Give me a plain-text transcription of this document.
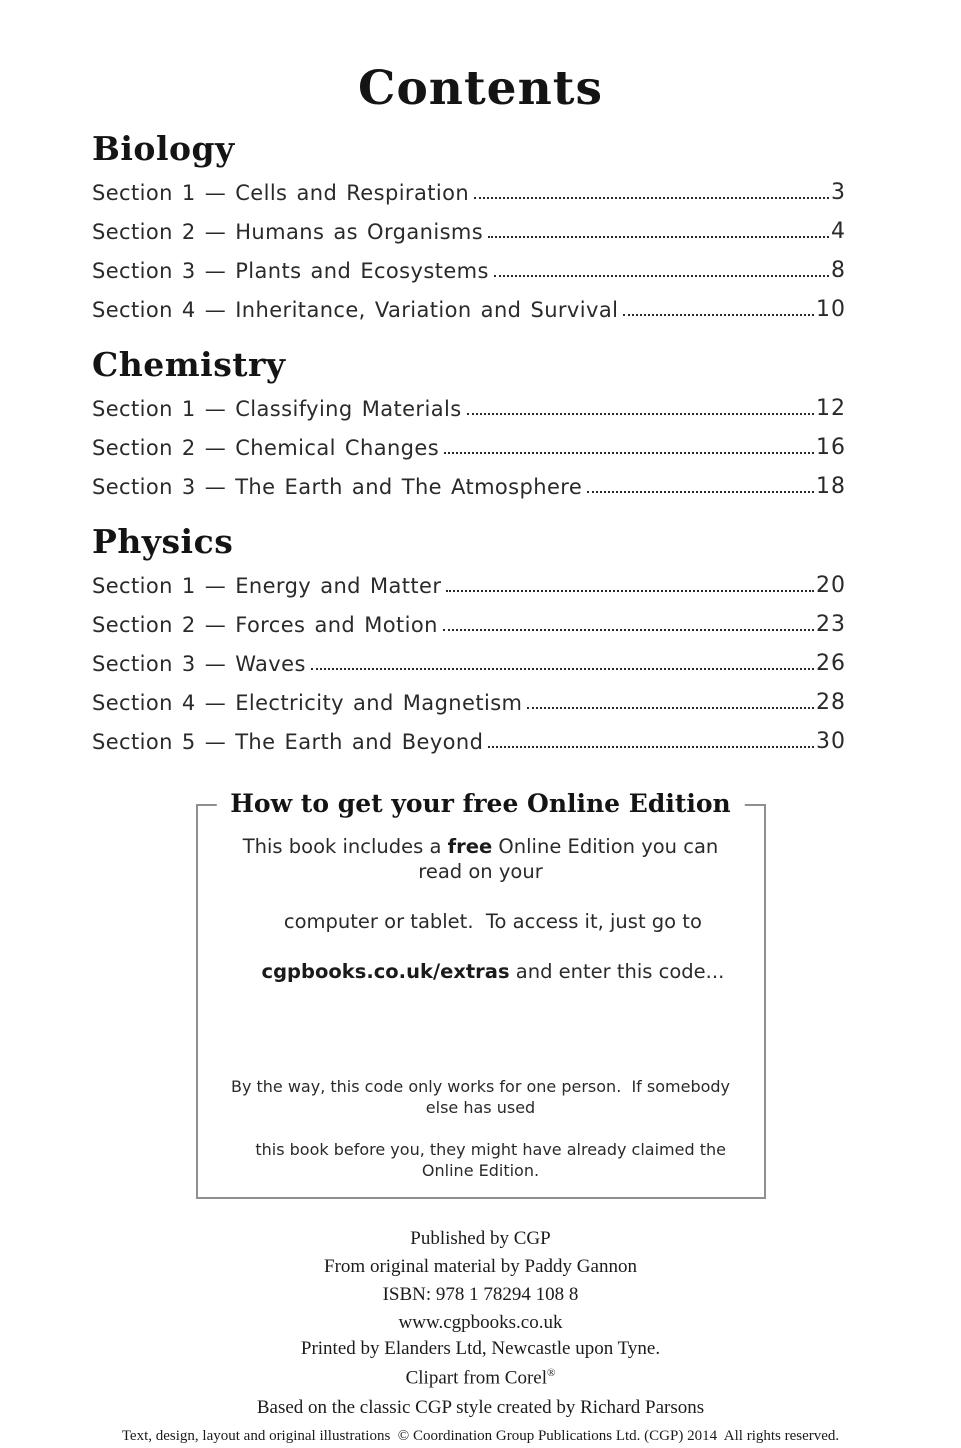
Contents
Biology
Section 1 — Cells and Respiration	3
Section 2 — Humans as Organisms	4
Section 3 — Plants and Ecosystems	8
Section 4 — Inheritance, Variation and Survival	10
Chemistry
Section 1 — Classifying Materials	12
Section 2 — Chemical Changes	16
Section 3 — The Earth and The Atmosphere	18
Physics
Section 1 — Energy and Matter	20
Section 2 — Forces and Motion	23
Section 3 — Waves	26
Section 4 — Electricity and Magnetism	28
Section 5 — The Earth and Beyond	30
How to get your free Online Edition

This book includes a free Online Edition you can read on your

computer or tablet.  To access it, just go to

cgpbooks.co.uk/extras and enter this code...

By the way, this code only works for one person.  If somebody else has used

this book before you, they might have already claimed the Online Edition.

Published by CGP
From original material by Paddy Gannon
ISBN: 978 1 78294 108 8
www.cgpbooks.co.uk
Printed by Elanders Ltd, Newcastle upon Tyne.
Clipart from Corel®
Based on the classic CGP style created by Richard Parsons
Text, design, layout and original illustrations  © Coordination Group Publications Ltd. (CGP) 2014  All rights reserved.
